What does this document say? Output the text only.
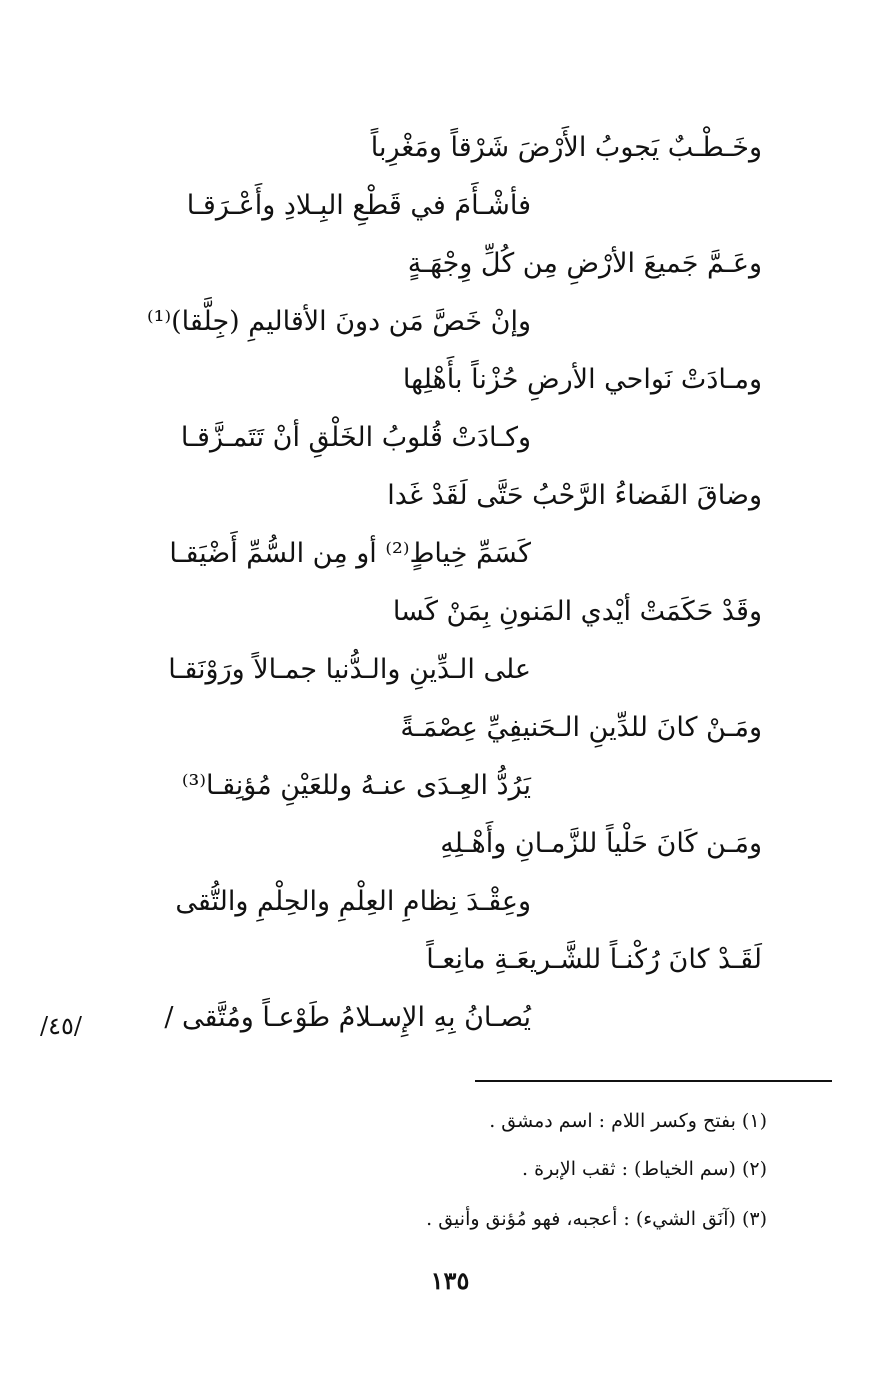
وخَـطْـبٌ يَجوبُ الأَرْضَ شَرْقاً ومَغْرِباً
فأشْـأَمَ في قَطْعِ البِـلادِ وأَعْـرَقـا
وعَـمَّ جَميعَ الأرْضِ مِن كُلِّ وِجْهَـةٍ
وإنْ خَصَّ مَن دونَ الأقاليمِ (جِلَّقا)⁽¹⁾
ومـادَتْ نَواحي الأرضِ حُزْناً بأَهْلِها
وكـادَتْ قُلوبُ الخَلْقِ أنْ تَتَمـزَّقـا
وضاقَ الفَضاءُ الرَّحْبُ حَتَّى لَقَدْ غَدا
كَسَمِّ خِياطٍ⁽²⁾ أو مِن السُّمِّ أَضْيَقـا
وقَدْ حَكَمَتْ أيْدي المَنونِ بِمَنْ كَسا
على الـدِّينِ والـدُّنيا جمـالاً ورَوْنَقـا
ومَـنْ كانَ للدِّينِ الـحَنيفِيِّ عِصْمَـةً
يَرُدُّ العِـدَى عنـهُ وللعَيْنِ مُؤنِقـا⁽³⁾
ومَـن كَانَ حَلْياً للزَّمـانِ وأَهْـلِهِ
وعِقْـدَ نِظامِ العِلْمِ والحِلْمِ والتُّقى
لَقَـدْ كانَ رُكْنـاً للشَّـريعَـةِ مانِعـاً
يُصـانُ بِهِ الإِسـلامُ طَوْعـاً ومُتَّقى /
/٤٥/
(١) بفتح وكسر اللام : اسم دمشق .
(٢) (سم الخياط) : ثقب الإبرة .
(٣) (آنَق الشيء) : أعجبه، فهو مُؤنق وأنيق .
١٣٥
